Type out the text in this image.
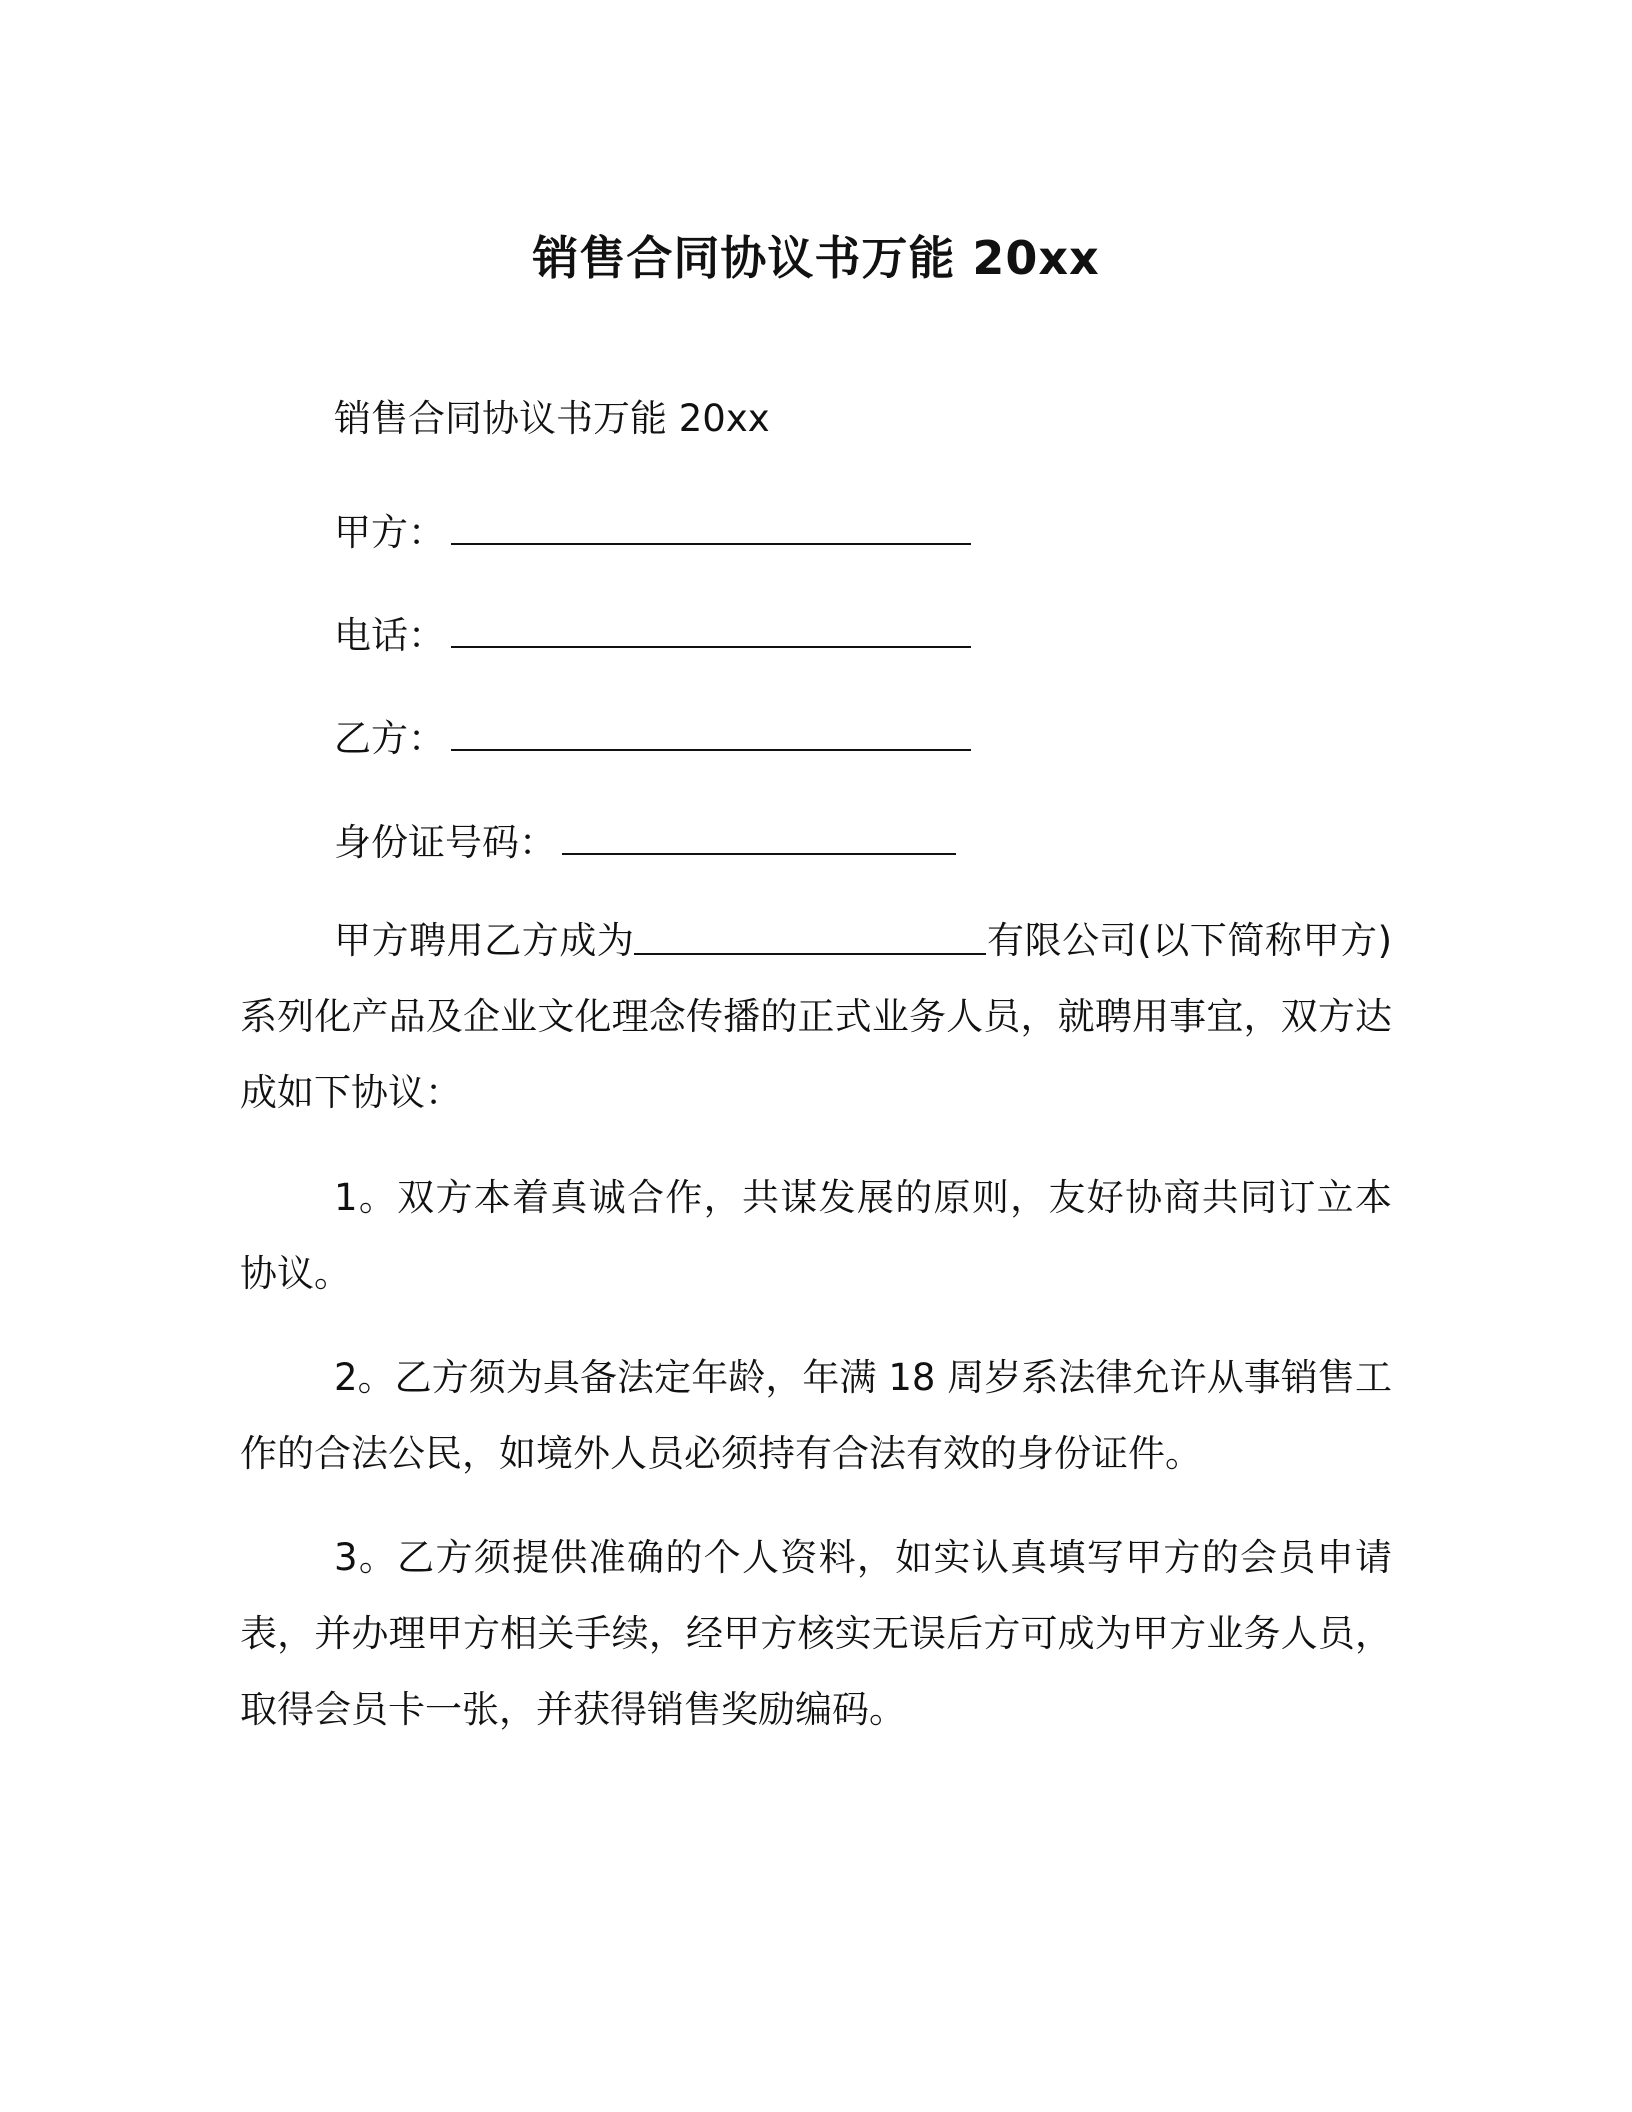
销售合同协议书万能 20xx
销售合同协议书万能 20xx
甲方：
电话：
乙方：
身份证号码：
甲方聘用乙方成为	有限公司(以下简称甲方)系列化产品及企业文化理念传播的正式业务人员，就聘用事宜，双方达成如下协议：
1。双方本着真诚合作，共谋发展的原则，友好协商共同订立本协议。
2。乙方须为具备法定年龄，年满 18 周岁系法律允许从事销售工作的合法公民，如境外人员必须持有合法有效的身份证件。
3。乙方须提供准确的个人资料，如实认真填写甲方的会员申请表，并办理甲方相关手续，经甲方核实无误后方可成为甲方业务人员，取得会员卡一张，并获得销售奖励编码。
